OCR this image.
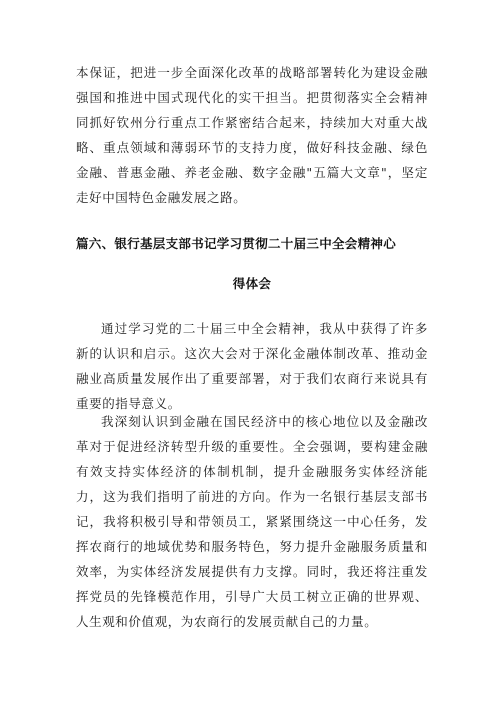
本保证，把进一步全面深化改革的战略部署转化为建设金融强国和推进中国式现代化的实干担当。把贯彻落实全会精神同抓好钦州分行重点工作紧密结合起来，持续加大对重大战略、重点领域和薄弱环节的支持力度，做好科技金融、绿色金融、普惠金融、养老金融、数字金融"五篇大文章"，坚定走好中国特色金融发展之路。
篇六、银行基层支部书记学习贯彻二十届三中全会精神心
得体会
通过学习党的二十届三中全会精神，我从中获得了许多新的认识和启示。这次大会对于深化金融体制改革、推动金融业高质量发展作出了重要部署，对于我们农商行来说具有重要的指导意义。
我深刻认识到金融在国民经济中的核心地位以及金融改革对于促进经济转型升级的重要性。全会强调，要构建金融有效支持实体经济的体制机制，提升金融服务实体经济能力，这为我们指明了前进的方向。作为一名银行基层支部书记，我将积极引导和带领员工，紧紧围绕这一中心任务，发挥农商行的地域优势和服务特色，努力提升金融服务质量和效率，为实体经济发展提供有力支撑。同时，我还将注重发挥党员的先锋模范作用，引导广大员工树立正确的世界观、人生观和价值观，为农商行的发展贡献自己的力量。
